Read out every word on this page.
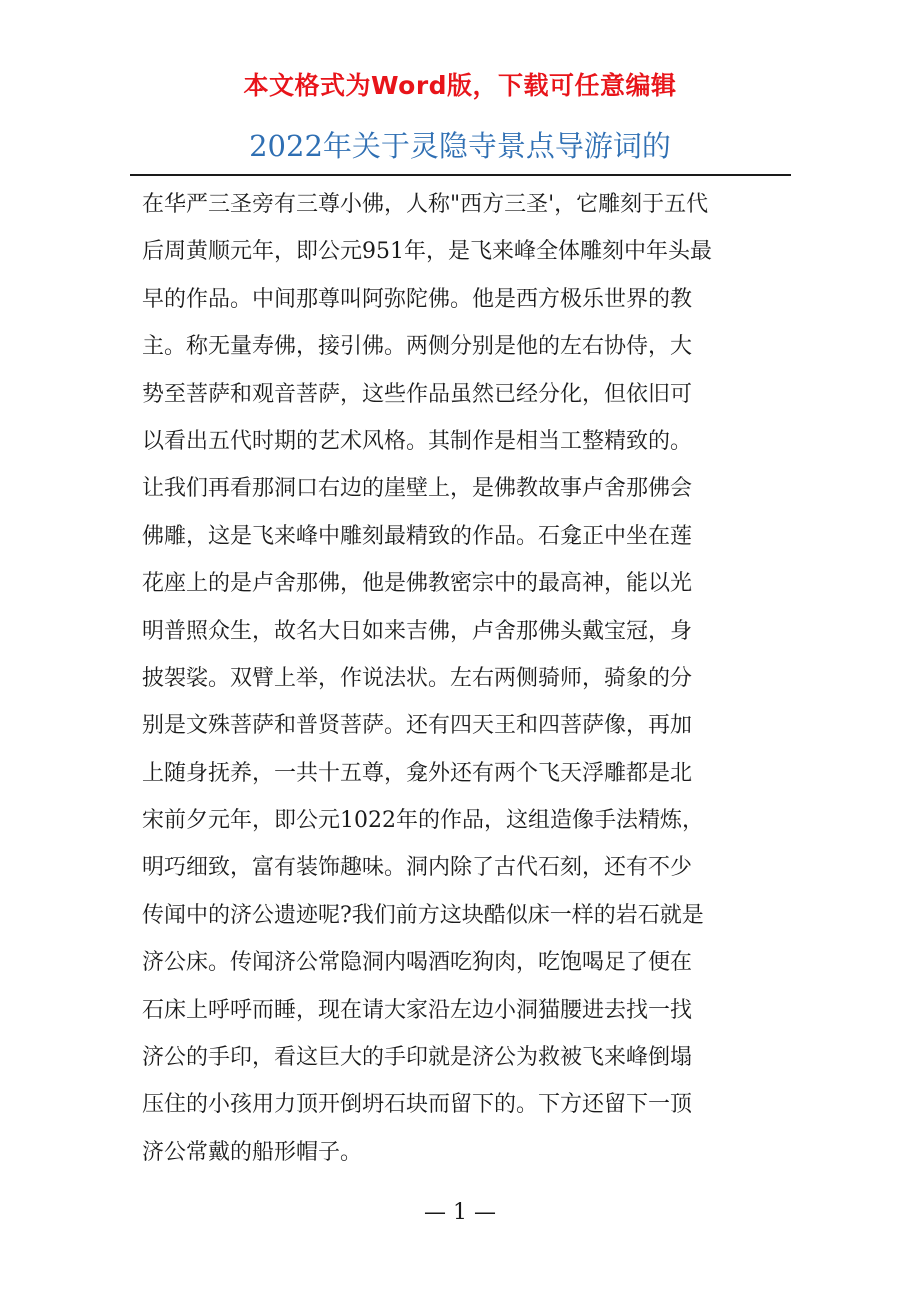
本文格式为Word版，下载可任意编辑
2022年关于灵隐寺景点导游词的
在华严三圣旁有三尊小佛，人称"西方三圣'，它雕刻于五代
后周黄顺元年，即公元951年，是飞来峰全体雕刻中年头最
早的作品。中间那尊叫阿弥陀佛。他是西方极乐世界的教
主。称无量寿佛，接引佛。两侧分别是他的左右协侍，大
势至菩萨和观音菩萨，这些作品虽然已经分化，但依旧可
以看出五代时期的艺术风格。其制作是相当工整精致的。
让我们再看那洞口右边的崖壁上，是佛教故事卢舍那佛会
佛雕，这是飞来峰中雕刻最精致的作品。石龛正中坐在莲
花座上的是卢舍那佛，他是佛教密宗中的最高神，能以光
明普照众生，故名大日如来吉佛，卢舍那佛头戴宝冠，身
披袈裟。双臂上举，作说法状。左右两侧骑师，骑象的分
别是文殊菩萨和普贤菩萨。还有四天王和四菩萨像，再加
上随身抚养，一共十五尊，龛外还有两个飞天浮雕都是北
宋前夕元年，即公元1022年的作品，这组造像手法精炼，
明巧细致，富有装饰趣味。洞内除了古代石刻，还有不少
传闻中的济公遗迹呢?我们前方这块酷似床一样的岩石就是
济公床。传闻济公常隐洞内喝酒吃狗肉，吃饱喝足了便在
石床上呼呼而睡，现在请大家沿左边小洞猫腰进去找一找
济公的手印，看这巨大的手印就是济公为救被飞来峰倒塌
压住的小孩用力顶开倒坍石块而留下的。下方还留下一顶
济公常戴的船形帽子。
— 1 —
